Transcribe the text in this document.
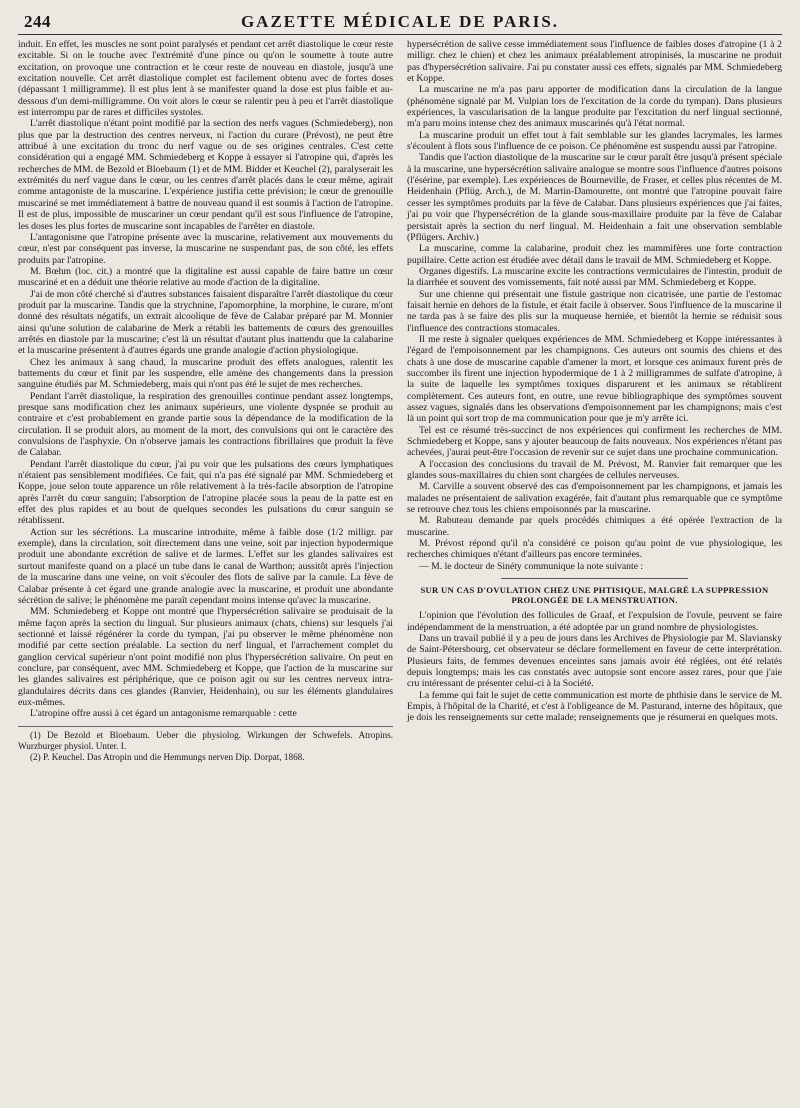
244	GAZETTE MÉDICALE DE PARIS.

induit. En effet, les muscles ne sont point paralysés et pendant cet arrêt diastolique le cœur reste excitable. Si on le touche avec l'extrémité d'une pince ou qu'on le soumette à toute autre excitation, on provoque une contraction et le cœur reste de nouveau en diastole, jusqu'à une excitation nouvelle. Cet arrêt diastolique complet est facilement obtenu avec de fortes doses (dépassant 1 milligramme). Il est plus lent à se manifester quand la dose est plus faible et au-dessous d'un demi-milligramme. On voit alors le cœur se ralentir peu à peu et l'arrêt diastolique est interrompu par de rares et difficiles systoles.

L'arrêt diastolique n'étant point modifié par la section des nerfs vagues (Schmiedeberg), non plus que par la destruction des centres nerveux, ni l'action du curare (Prévost), ne peut être attribué à une excitation du tronc du nerf vague ou de ses origines centrales. C'est cette considération qui a engagé MM. Schmiedeberg et Koppe à essayer si l'atropine qui, d'après les recherches de MM. de Bezold et Bloebaum (1) et de MM. Bidder et Keuchel (2), paralyserait les extrémités du nerf vague dans le cœur, ou les centres d'arrêt placés dans le cœur même, agirait comme antagoniste de la muscarine. L'expérience justifia cette prévision; le cœur de grenouille muscariné se met immédiatement à battre de nouveau quand il est soumis à l'action de l'atropine. Il est de plus, impossible de muscariner un cœur pendant qu'il est sous l'influence de l'atropine, les doses les plus fortes de muscarine sont incapables de l'arrêter en diastole.

L'antagonisme que l'atropine présente avec la muscarine, relativement aux mouvements du cœur, n'est par conséquent pas inverse, la muscarine ne suspendant pas, de son côté, les effets produits par l'atropine.

M. Bœhm (loc. cit.) a montré que la digitaline est aussi capable de faire battre un cœur muscariné et en a déduit une théorie relative au mode d'action de la digitaline.

J'ai de mon côté cherché si d'autres substances faisaient disparaître l'arrêt diastolique du cœur produit par la muscarine. Tandis que la strychnine, l'apomorphine, la morphine, le curare, m'ont donné des résultats négatifs, un extrait alcoolique de fève de Calabar préparé par M. Monnier ainsi qu'une solution de calabarine de Merk a rétabli les battements de cœurs des grenouilles arrêtés en diastole par la muscarine; c'est là un résultat d'autant plus inattendu que la calabarine et la muscarine présentent à d'autres égards une grande analogie d'action physiologique.

Chez les animaux à sang chaud, la muscarine produit des effets analogues, ralentit les battements du cœur et finit par les suspendre, elle amène des changements dans la pression sanguine étudiés par M. Schmiedeberg, mais qui n'ont pas été le sujet de mes recherches.

Pendant l'arrêt diastolique, la respiration des grenouilles continue pendant assez longtemps, presque sans modification chez les animaux supérieurs, une violente dyspnée se produit au contraire et c'est probablement en grande partie sous la dépendance de la modification de la circulation. Il se produit alors, au moment de la mort, des convulsions qui ont le caractère des convulsions de l'asphyxie. On n'observe jamais les contractions fibrillaires que produit la fève de Calabar.

Pendant l'arrêt diastolique du cœur, j'ai pu voir que les pulsations des cœurs lymphatiques n'étaient pas sensiblement modifiées. Ce fait, qui n'a pas été signalé par MM. Schmiedeberg et Koppe, joue selon toute apparence un rôle relativement à la très-facile absorption de l'atropine après l'arrêt du cœur sanguin; l'absorption de l'atropine placée sous la peau de la patte est en effet des plus rapides et au bout de quelques secondes les pulsations du cœur sanguin se rétablissent.

Action sur les sécrétions. La muscarine introduite, même à faible dose (1/2 milligr. par exemple), dans la circulation, soit directement dans une veine, soit par injection hypodermique produit une abondante excrétion de salive et de larmes. L'effet sur les glandes salivaires est surtout manifeste quand on a placé un tube dans le canal de Warthon; aussitôt après l'injection de la muscarine dans une veine, on voit s'écouler des flots de salive par la canule. La fève de Calabar présente à cet égard une grande analogie avec la muscarine, et produit une abondante sécrétion de salive; le phénomène me paraît cependant moins intense qu'avec la muscarine.

MM. Schmiedeberg et Koppe ont montré que l'hypersécrétion salivaire se produisait de la même façon après la section du lingual. Sur plusieurs animaux (chats, chiens) sur lesquels j'ai sectionné et laissé régénérer la corde du tympan, j'ai pu observer le même phénomène non modifié par cette section préalable. La section du nerf lingual, et l'arrachement complet du ganglion cervical supérieur n'ont point modifié non plus l'hypersécrétion salivaire. On peut en conclure, par conséquent, avec MM. Schmiedeberg et Koppe, que l'action de la muscarine sur les glandes salivaires est périphérique, que ce poison agit ou sur les centres nerveux intra-glandulaires décrits dans ces glandes (Ranvier, Heidenhain), ou sur les éléments glandulaires eux-mêmes.

L'atropine offre aussi à cet égard un antagonisme remarquable : cette

(1) De Bezold et Bloebaum. Ueber die physiolog. Wirkungen der Schwefels. Atropins. Wurzburger physiol. Unter. I.

(2) P. Keuchel. Das Atropin und die Hemmungs nerven Dip. Dorpat, 1868.

hypersécrétion de salive cesse immédiatement sous l'influence de faibles doses d'atropine (1 à 2 milligr. chez le chien) et chez les animaux préalablement atropinisés, la muscarine ne produit pas d'hypersécrétion salivaire. J'ai pu constater aussi ces effets, signalés par MM. Schmiedeberg et Koppe.

La muscarine ne m'a pas paru apporter de modification dans la circulation de la langue (phénomène signalé par M. Vulpian lors de l'excitation de la corde du tympan). Dans plusieurs expériences, la vascularisation de la langue produite par l'excitation du nerf lingual sectionné, m'a paru moins intense chez des animaux muscarinés qu'à l'état normal.

La muscarine produit un effet tout à fait semblable sur les glandes lacrymales, les larmes s'écoulent à flots sous l'influence de ce poison. Ce phénomène est suspendu aussi par l'atropine.

Tandis que l'action diastolique de la muscarine sur le cœur paraît être jusqu'à présent spéciale à la muscarine, une hypersécrétion salivaire analogue se montre sous l'influence d'autres poisons (l'ésérine, par exemple). Les expériences de Bourneville, de Fraser, et celles plus récentes de M. Heidenhain (Pflüg. Arch.), de M. Martin-Damourette, ont montré que l'atropine pouvait faire cesser les symptômes produits par la fève de Calabar. Dans plusieurs expériences que j'ai faites, j'ai pu voir que l'hypersécrétion de la glande sous-maxillaire produite par la fève de Calabar persistait après la section du nerf lingual. M. Heidenhain a fait une observation semblable (Pflügers. Archiv.)

La muscarine, comme la calabarine, produit chez les mammifères une forte contraction pupillaire. Cette action est étudiée avec détail dans le travail de MM. Schmiedeberg et Koppe.

Organes digestifs. La muscarine excite les contractions vermiculaires de l'intestin, produit de la diarrhée et souvent des vomissements, fait noté aussi par MM. Schmiedeberg et Koppe.

Sur une chienne qui présentait une fistule gastrique non cicatrisée, une partie de l'estomac faisait hernie en dehors de la fistule, et était facile à observer. Sous l'influence de la muscarine il ne tarda pas à se faire des plis sur la muqueuse herniée, et bientôt la hernie se réduisit sous l'influence des contractions stomacales.

Il me reste à signaler quelques expériences de MM. Schmiedeberg et Koppe intéressantes à l'égard de l'empoisonnement par les champignons. Ces auteurs ont soumis des chiens et des chats à une dose de muscarine capable d'amener la mort, et lorsque ces animaux furent près de succomber ils firent une injection hypodermique de 1 à 2 milligrammes de sulfate d'atropine, à la suite de laquelle les symptômes toxiques disparurent et les animaux se rétablirent complètement. Ces auteurs font, en outre, une revue bibliographique des symptômes souvent assez vagues, signalés dans les observations d'empoisonnement par les champignons; mais c'est là un point qui sort trop de ma communication pour que je m'y arrête ici.

Tel est ce résumé très-succinct de nos expériences qui confirment les recherches de MM. Schmiedeberg et Koppe, sans y ajouter beaucoup de faits nouveaux. Nos expériences n'étant pas achevées, j'aurai peut-être l'occasion de revenir sur ce sujet dans une prochaine communication.

A l'occasion des conclusions du travail de M. Prévost, M. Ranvier fait remarquer que les glandes sous-maxillaires du chien sont chargées de cellules nerveuses.

M. Carville a souvent observé des cas d'empoisonnement par les champignons, et jamais les malades ne présentaient de salivation exagérée, fait d'autant plus remarquable que ce symptôme se retrouve chez tous les chiens empoisonnés par la muscarine.

M. Rabuteau demande par quels procédés chimiques a été opérée l'extraction de la muscarine.

M. Prévost répond qu'il n'a considéré ce poison qu'au point de vue physiologique, les recherches chimiques n'étant d'ailleurs pas encore terminées.

— M. le docteur de Sinéty communique la note suivante :

SUR UN CAS D'OVULATION CHEZ UNE PHTISIQUE, MALGRÉ LA SUPPRESSION
PROLONGÉE DE LA MENSTRUATION.

L'opinion que l'évolution des follicules de Graaf, et l'expulsion de l'ovule, peuvent se faire indépendamment de la menstruation, a été adoptée par un grand nombre de physiologistes.

Dans un travail publié il y a peu de jours dans les Archives de Physiologie par M. Slaviansky de Saint-Pétersbourg, cet observateur se déclare formellement en faveur de cette interprétation. Plusieurs faits, de femmes devenues enceintes sans jamais avoir été réglées, ont été relatés depuis longtemps; mais les cas constatés avec autopsie sont encore assez rares, pour que j'aie cru intéressant de présenter celui-ci à la Société.

La femme qui fait le sujet de cette communication est morte de phthisie dans le service de M. Empis, à l'hôpital de la Charité, et c'est à l'obligeance de M. Pasturand, interne des hôpitaux, que je dois les renseignements sur cette malade; renseignements que je résumerai en quelques mots.
